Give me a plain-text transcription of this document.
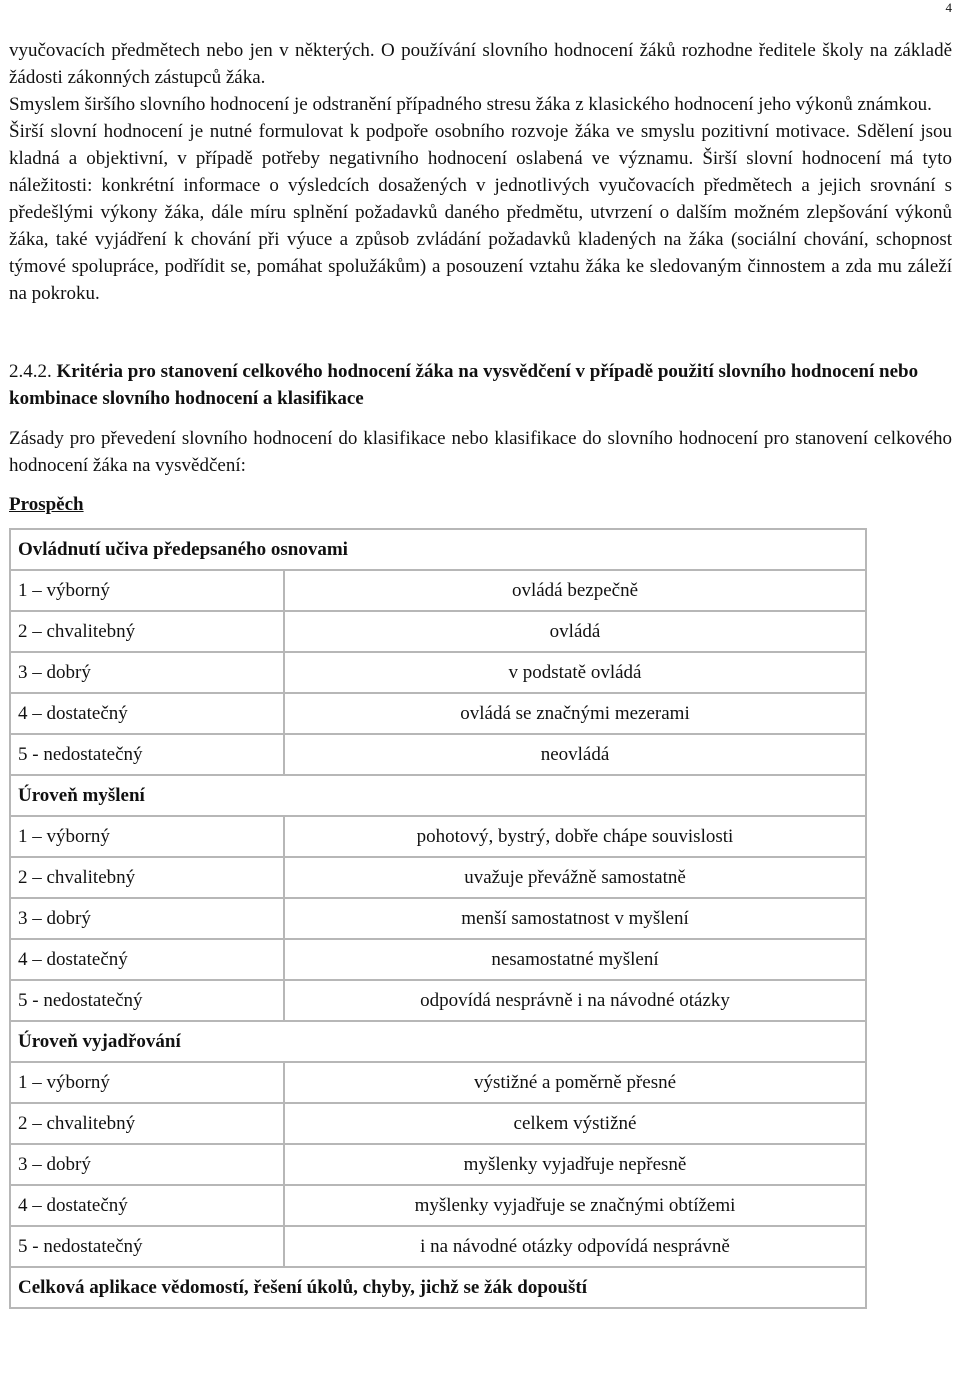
4

vyučovacích předmětech nebo jen v některých. O používání slovního hodnocení žáků rozhodne ředitele školy na základě žádosti zákonných zástupců žáka.

Smyslem širšího slovního hodnocení je odstranění případného stresu žáka z klasického hodnocení jeho výkonů známkou.

Širší slovní hodnocení je nutné formulovat k podpoře osobního rozvoje žáka ve smyslu pozitivní motivace. Sdělení jsou kladná a objektivní, v případě potřeby negativního hodnocení oslabená ve významu. Širší slovní hodnocení má tyto náležitosti: konkrétní informace o výsledcích dosažených v jednotlivých vyučovacích předmětech a jejich srovnání s předešlými výkony žáka, dále míru splnění požadavků daného předmětu, utvrzení o dalším možném zlepšování výkonů žáka, také vyjádření k chování při výuce a způsob zvládání požadavků kladených na žáka (sociální chování, schopnost týmové spolupráce, podřídit se, pomáhat spolužákům) a posouzení vztahu žáka ke sledovaným činnostem a zda mu záleží na pokroku.

2.4.2. Kritéria pro stanovení celkového hodnocení žáka na vysvědčení v případě použití slovního hodnocení nebo kombinace slovního hodnocení a klasifikace

Zásady pro převedení slovního hodnocení do klasifikace nebo klasifikace do slovního hodnocení pro stanovení celkového hodnocení žáka na vysvědčení:

Prospěch

Ovládnutí učiva předepsaného osnovami	
1 – výborný	ovládá bezpečně
2 – chvalitebný	ovládá
3 – dobrý	v podstatě ovládá
4 – dostatečný	ovládá se značnými mezerami
5 - nedostatečný	neovládá
Úroveň myšlení	
1 – výborný	pohotový, bystrý, dobře chápe souvislosti
2 – chvalitebný	uvažuje převážně samostatně
3 – dobrý	menší samostatnost v myšlení
4 – dostatečný	nesamostatné myšlení
5 - nedostatečný	odpovídá nesprávně i na návodné otázky
Úroveň vyjadřování	
1 – výborný	výstižné a poměrně přesné
2 – chvalitebný	celkem výstižné
3 – dobrý	myšlenky vyjadřuje nepřesně
4 – dostatečný	myšlenky vyjadřuje se značnými obtížemi
5 - nedostatečný	i na návodné otázky odpovídá nesprávně
Celková aplikace vědomostí, řešení úkolů, chyby, jichž se žák dopouští	
